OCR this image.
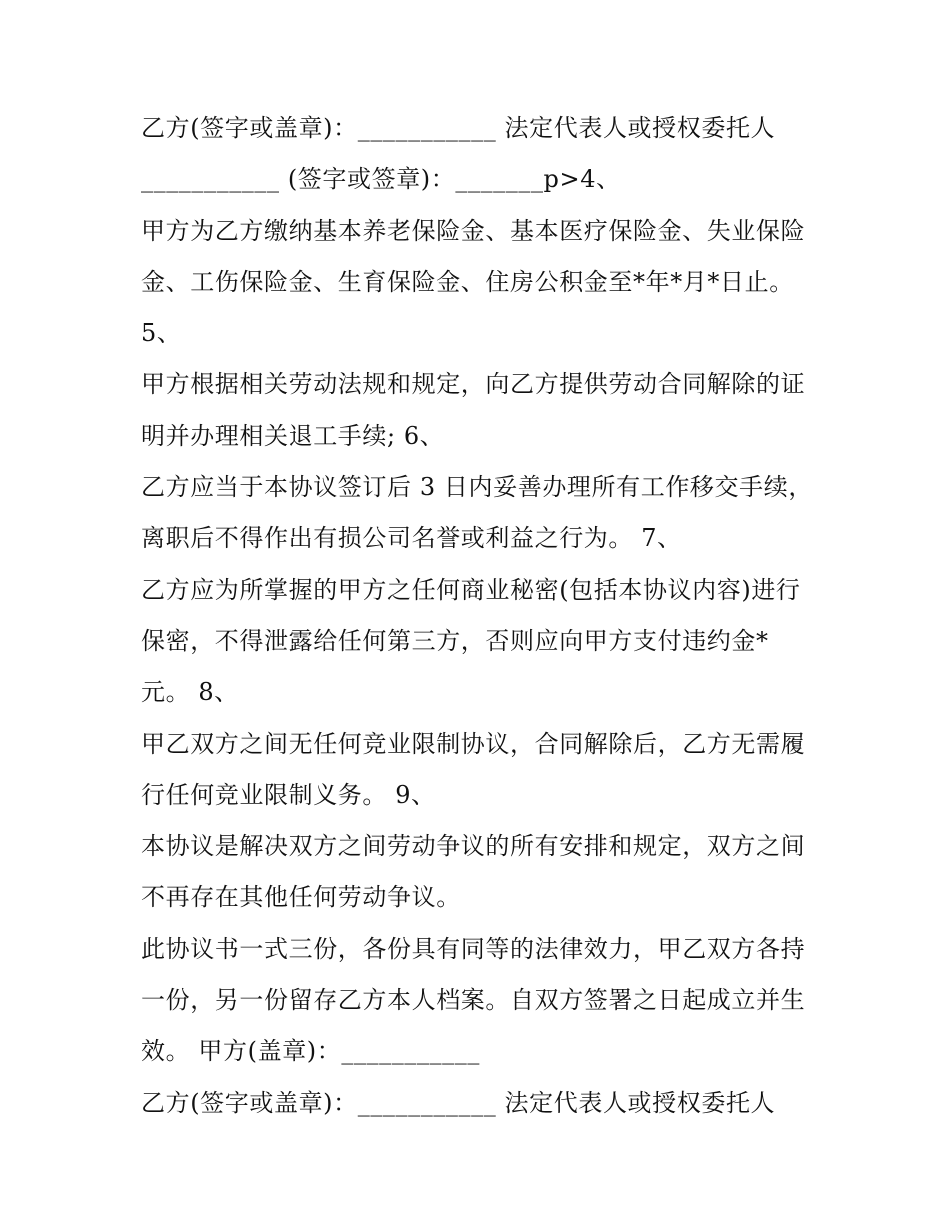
乙方(签字或盖章)：___________ 法定代表人或授权委托人
___________ (签字或签章)：_______p>4、
甲方为乙方缴纳基本养老保险金、基本医疗保险金、失业保险
金、工伤保险金、生育保险金、住房公积金至*年*月*日止。
5、
甲方根据相关劳动法规和规定，向乙方提供劳动合同解除的证
明并办理相关退工手续; 6、
乙方应当于本协议签订后 3 日内妥善办理所有工作移交手续，
离职后不得作出有损公司名誉或利益之行为。 7、
乙方应为所掌握的甲方之任何商业秘密(包括本协议内容)进行
保密，不得泄露给任何第三方，否则应向甲方支付违约金*
元。 8、
甲乙双方之间无任何竞业限制协议，合同解除后，乙方无需履
行任何竞业限制义务。 9、
本协议是解决双方之间劳动争议的所有安排和规定，双方之间
不再存在其他任何劳动争议。
此协议书一式三份，各份具有同等的法律效力，甲乙双方各持
一份，另一份留存乙方本人档案。自双方签署之日起成立并生
效。 甲方(盖章)：___________
乙方(签字或盖章)：___________ 法定代表人或授权委托人
